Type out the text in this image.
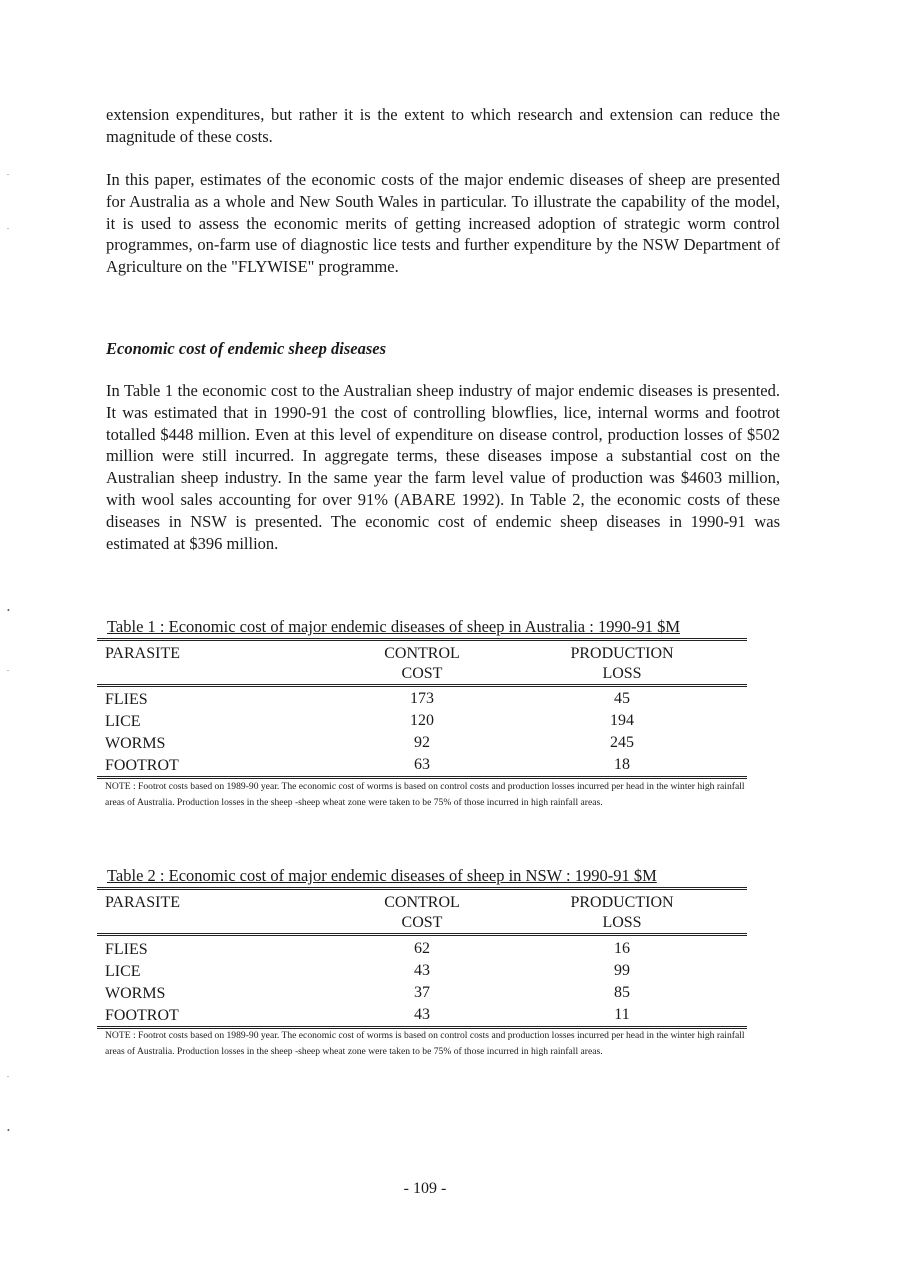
extension expenditures, but rather it is the extent to which research and extension can reduce the magnitude of these costs.

In this paper, estimates of the economic costs of the major endemic diseases of sheep are presented for Australia as a whole and New South Wales in particular. To illustrate the capability of the model, it is used to assess the economic merits of getting increased adoption of strategic worm control programmes, on-farm use of diagnostic lice tests and further expenditure by the NSW Department of Agriculture on the "FLYWISE" programme.

Economic cost of endemic sheep diseases

In Table 1 the economic cost to the Australian sheep industry of major endemic diseases is presented. It was estimated that in 1990-91 the cost of controlling blowflies, lice, internal worms and footrot totalled $448 million. Even at this level of expenditure on disease control, production losses of $502 million were still incurred. In aggregate terms, these diseases impose a substantial cost on the Australian sheep industry. In the same year the farm level value of production was $4603 million, with wool sales accounting for over 91% (ABARE 1992). In Table 2, the economic costs of these diseases in NSW is presented. The economic cost of endemic sheep diseases in 1990-91 was estimated at $396 million.

Table 1 : Economic cost of major endemic diseases of sheep in Australia : 1990-91 $M

PARASITE	CONTROL	PRODUCTION
COST	LOSS
FLIES	173	45
LICE	120	194
WORMS	92	245
FOOTROT	63	18

NOTE : Footrot costs based on 1989-90 year. The economic cost of worms is based on control costs and production losses incurred per head in the winter high rainfall areas of Australia. Production losses in the sheep -sheep wheat zone were taken to be 75% of those incurred in high rainfall areas.

Table 2 : Economic cost of major endemic diseases of sheep in NSW : 1990-91 $M

PARASITE	CONTROL	PRODUCTION
COST	LOSS
FLIES	62	16
LICE	43	99
WORMS	37	85
FOOTROT	43	11

NOTE : Footrot costs based on 1989-90 year. The economic cost of worms is based on control costs and production losses incurred per head in the winter high rainfall areas of Australia. Production losses in the sheep -sheep wheat zone were taken to be 75% of those incurred in high rainfall areas.

- 109 -
.
.
•
.
.
•
